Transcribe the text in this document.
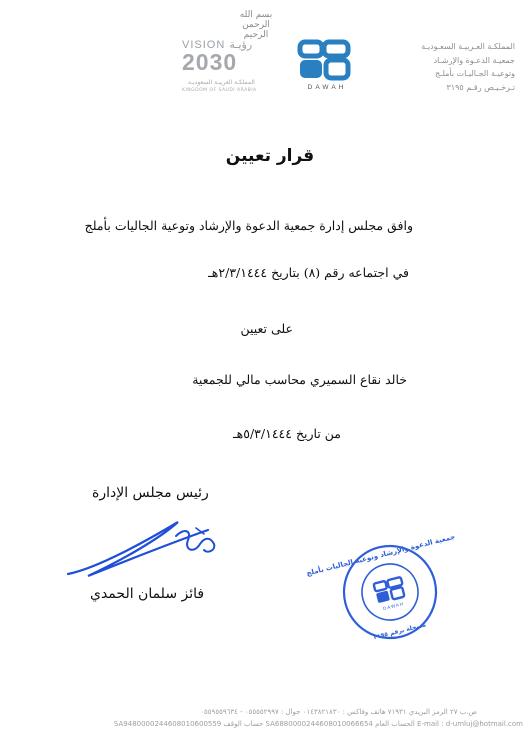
بسم الله الرحمن الرحيم
VISION رؤيـة
2030
المملكـة العربيـة السعوديـة
KINGDOM OF SAUDI ARABIA	DAWAH
المملكـة العـربيـة السعـوديـة
جمعيـة الدعـوة والإرشـاد
وتوعيـة الجـاليـات بأملـج
تـرخـيـص رقـم ٣١٩٥
قرار تعيين
وافق مجلس إدارة جمعية الدعوة والإرشاد وتوعية الجاليات بأملج
في اجتماعه رقم (٨) بتاريخ ٢/٣/١٤٤٤هـ
على تعيين
خالد نقاع السميري محاسب مالي للجمعية
من تاريخ ٥/٣/١٤٤٤هـ
رئيس مجلس الإدارة
فائز سلمان الحمدي
جمعية الدعوة والإرشاد وتوعية الجاليات بأملج
مسجلة برقم ٣١٩٥
DAWAH
ص.ب ٢٧ الرمز البريدي ٧١٩٣١ هاتف وفاكس : ٠١٤٣٨٢١٨٣٠ جوال : ٠٥٥٥٥٢٩٩٧ - ٠٥٥٩٥٥٩٦٣٤
SA9480000244608010600559 حساب الوقف SA6880000244608010066654 الحساب العام E-mail : d-umluj@hotmail.com
